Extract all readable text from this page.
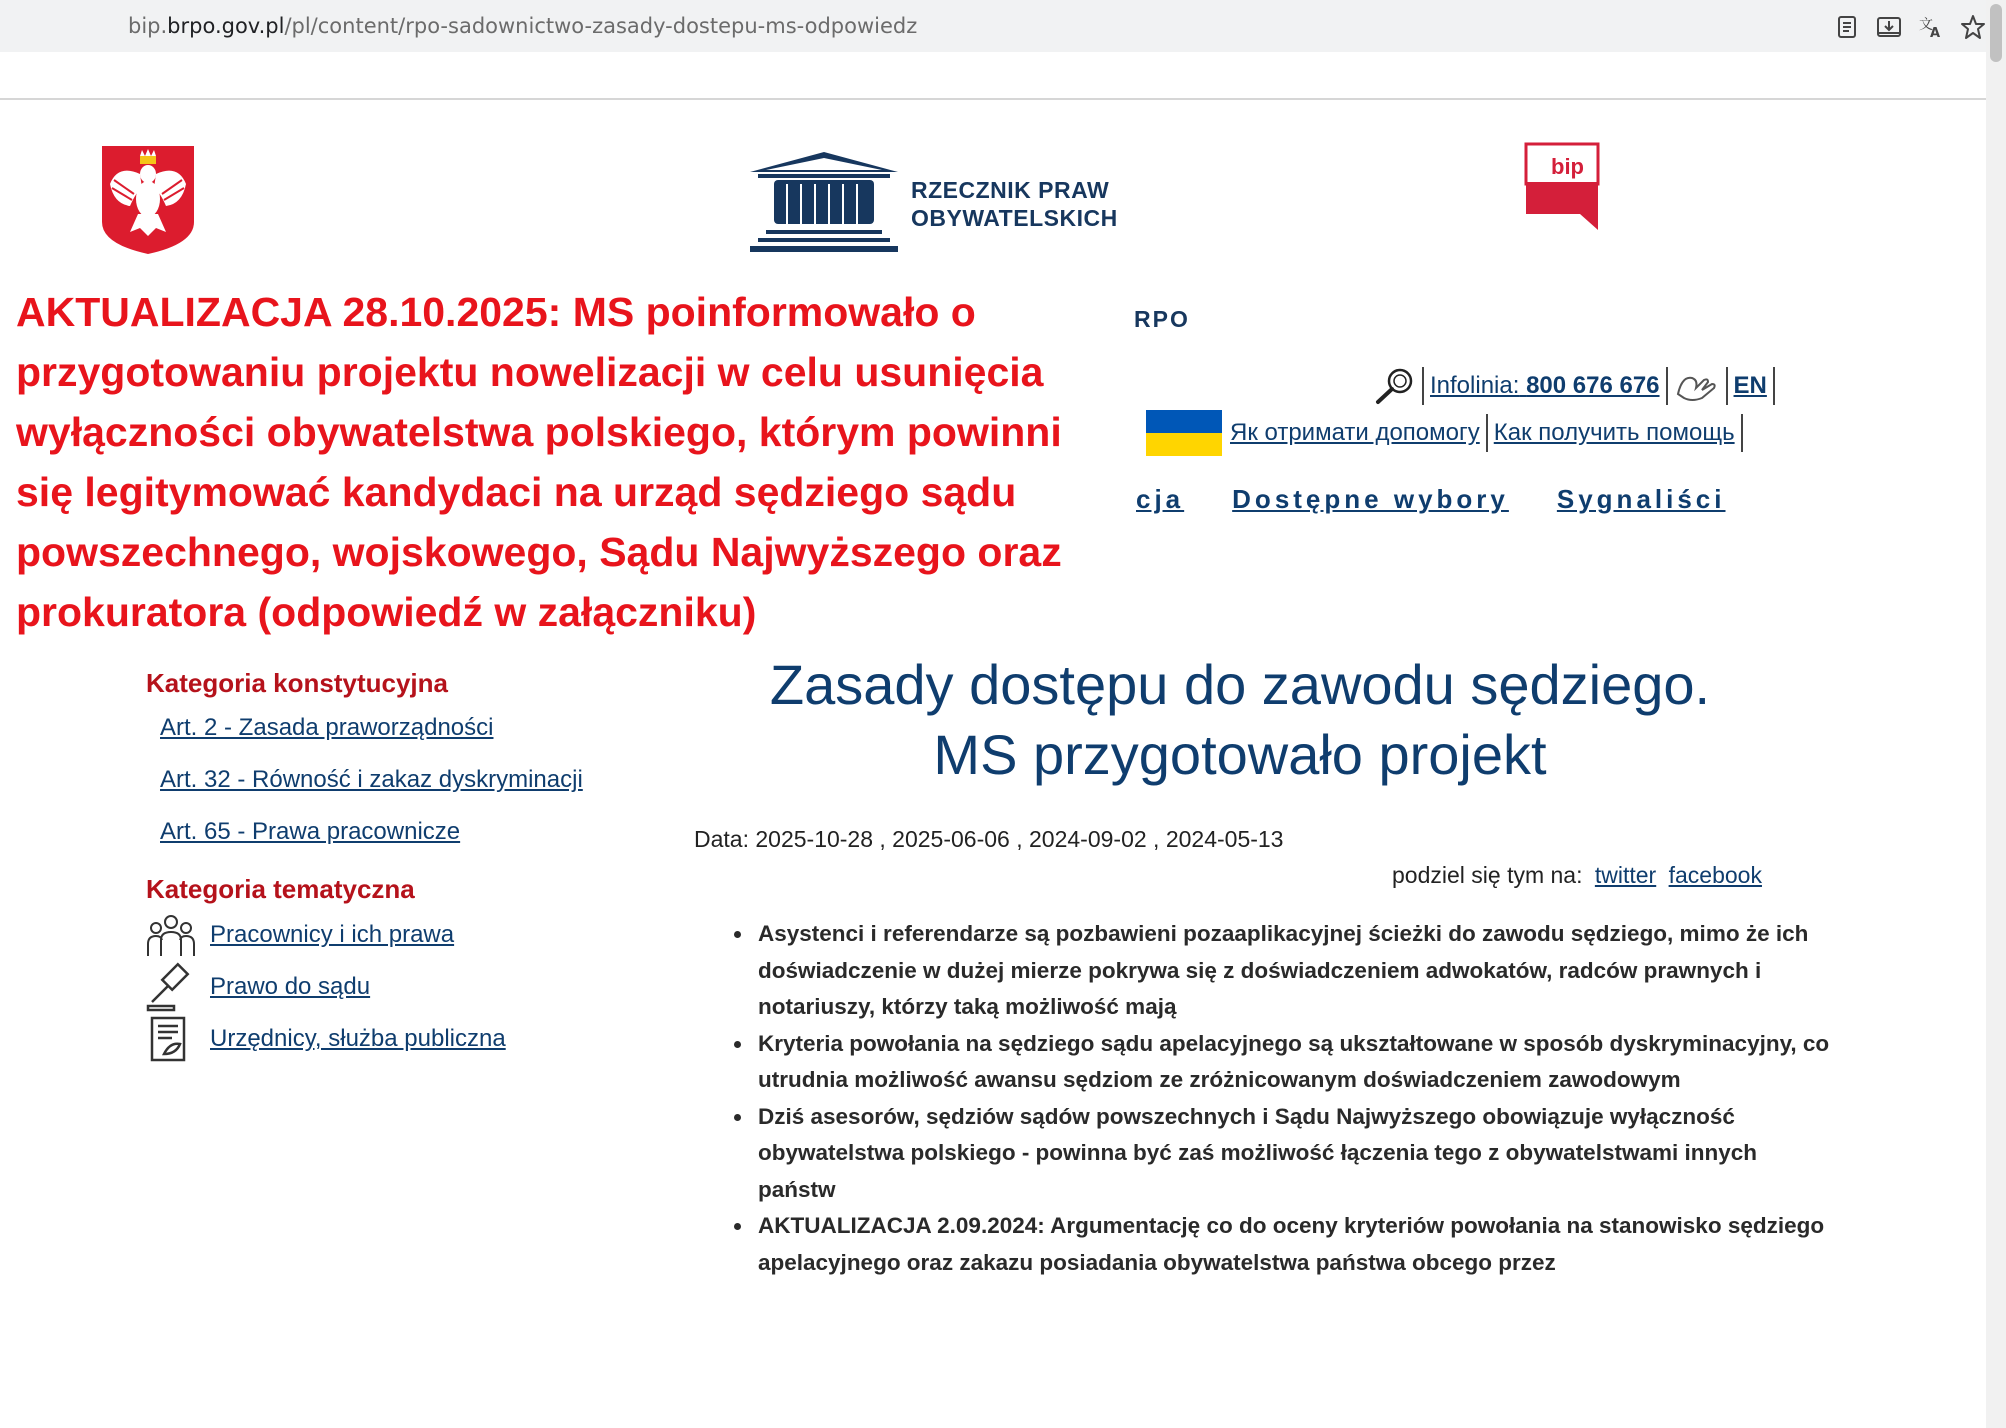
bip.brpo.gov.pl/pl/content/rpo-sadownictwo-zasady-dostepu-ms-odpowiedz	文
A
RZECZNIK PRAW
OBYWATELSKICH
bip
AKTUALIZACJA 28.10.2025: MS poinformowało o przygotowaniu projektu nowelizacji w celu usunięcia wyłączności obywatelstwa polskiego, którym powinni się legitymować kandydaci na urząd sędziego sądu powszechnego, wojskowego, Sądu Najwyższego oraz prokuratora (odpowiedź w załączniku)
RPO
Infolinia: 800 676 676	EN
Як отримати допомогу Как получить помощь
cja Dostępne wybory Sygnaliści
Kategoria konstytucyjna
Art. 2 - Zasada praworządności
Art. 32 - Równość i zakaz dyskryminacji
Art. 65 - Prawa pracownicze
Kategoria tematyczna
Pracownicy i ich prawa
Prawo do sądu
Urzędnicy, służba publiczna
Zasady dostępu do zawodu sędziego.
MS przygotowało projekt
Data: 2025-10-28 , 2025-06-06 , 2024-09-02 , 2024-05-13
podziel się tym na: twitter facebook
• Asystenci i referendarze są pozbawieni pozaaplikacyjnej ścieżki do zawodu sędziego, mimo że ich doświadczenie w dużej mierze pokrywa się z doświadczeniem adwokatów, radców prawnych i notariuszy, którzy taką możliwość mają
• Kryteria powołania na sędziego sądu apelacyjnego są ukształtowane w sposób dyskryminacyjny, co utrudnia możliwość awansu sędziom ze zróżnicowanym doświadczeniem zawodowym
• Dziś asesorów, sędziów sądów powszechnych i Sądu Najwyższego obowiązuje wyłączność obywatelstwa polskiego - powinna być zaś możliwość łączenia tego z obywatelstwami innych państw
• AKTUALIZACJA 2.09.2024: Argumentację co do oceny kryteriów powołania na stanowisko sędziego apelacyjnego oraz zakazu posiadania obywatelstwa państwa obcego przez
